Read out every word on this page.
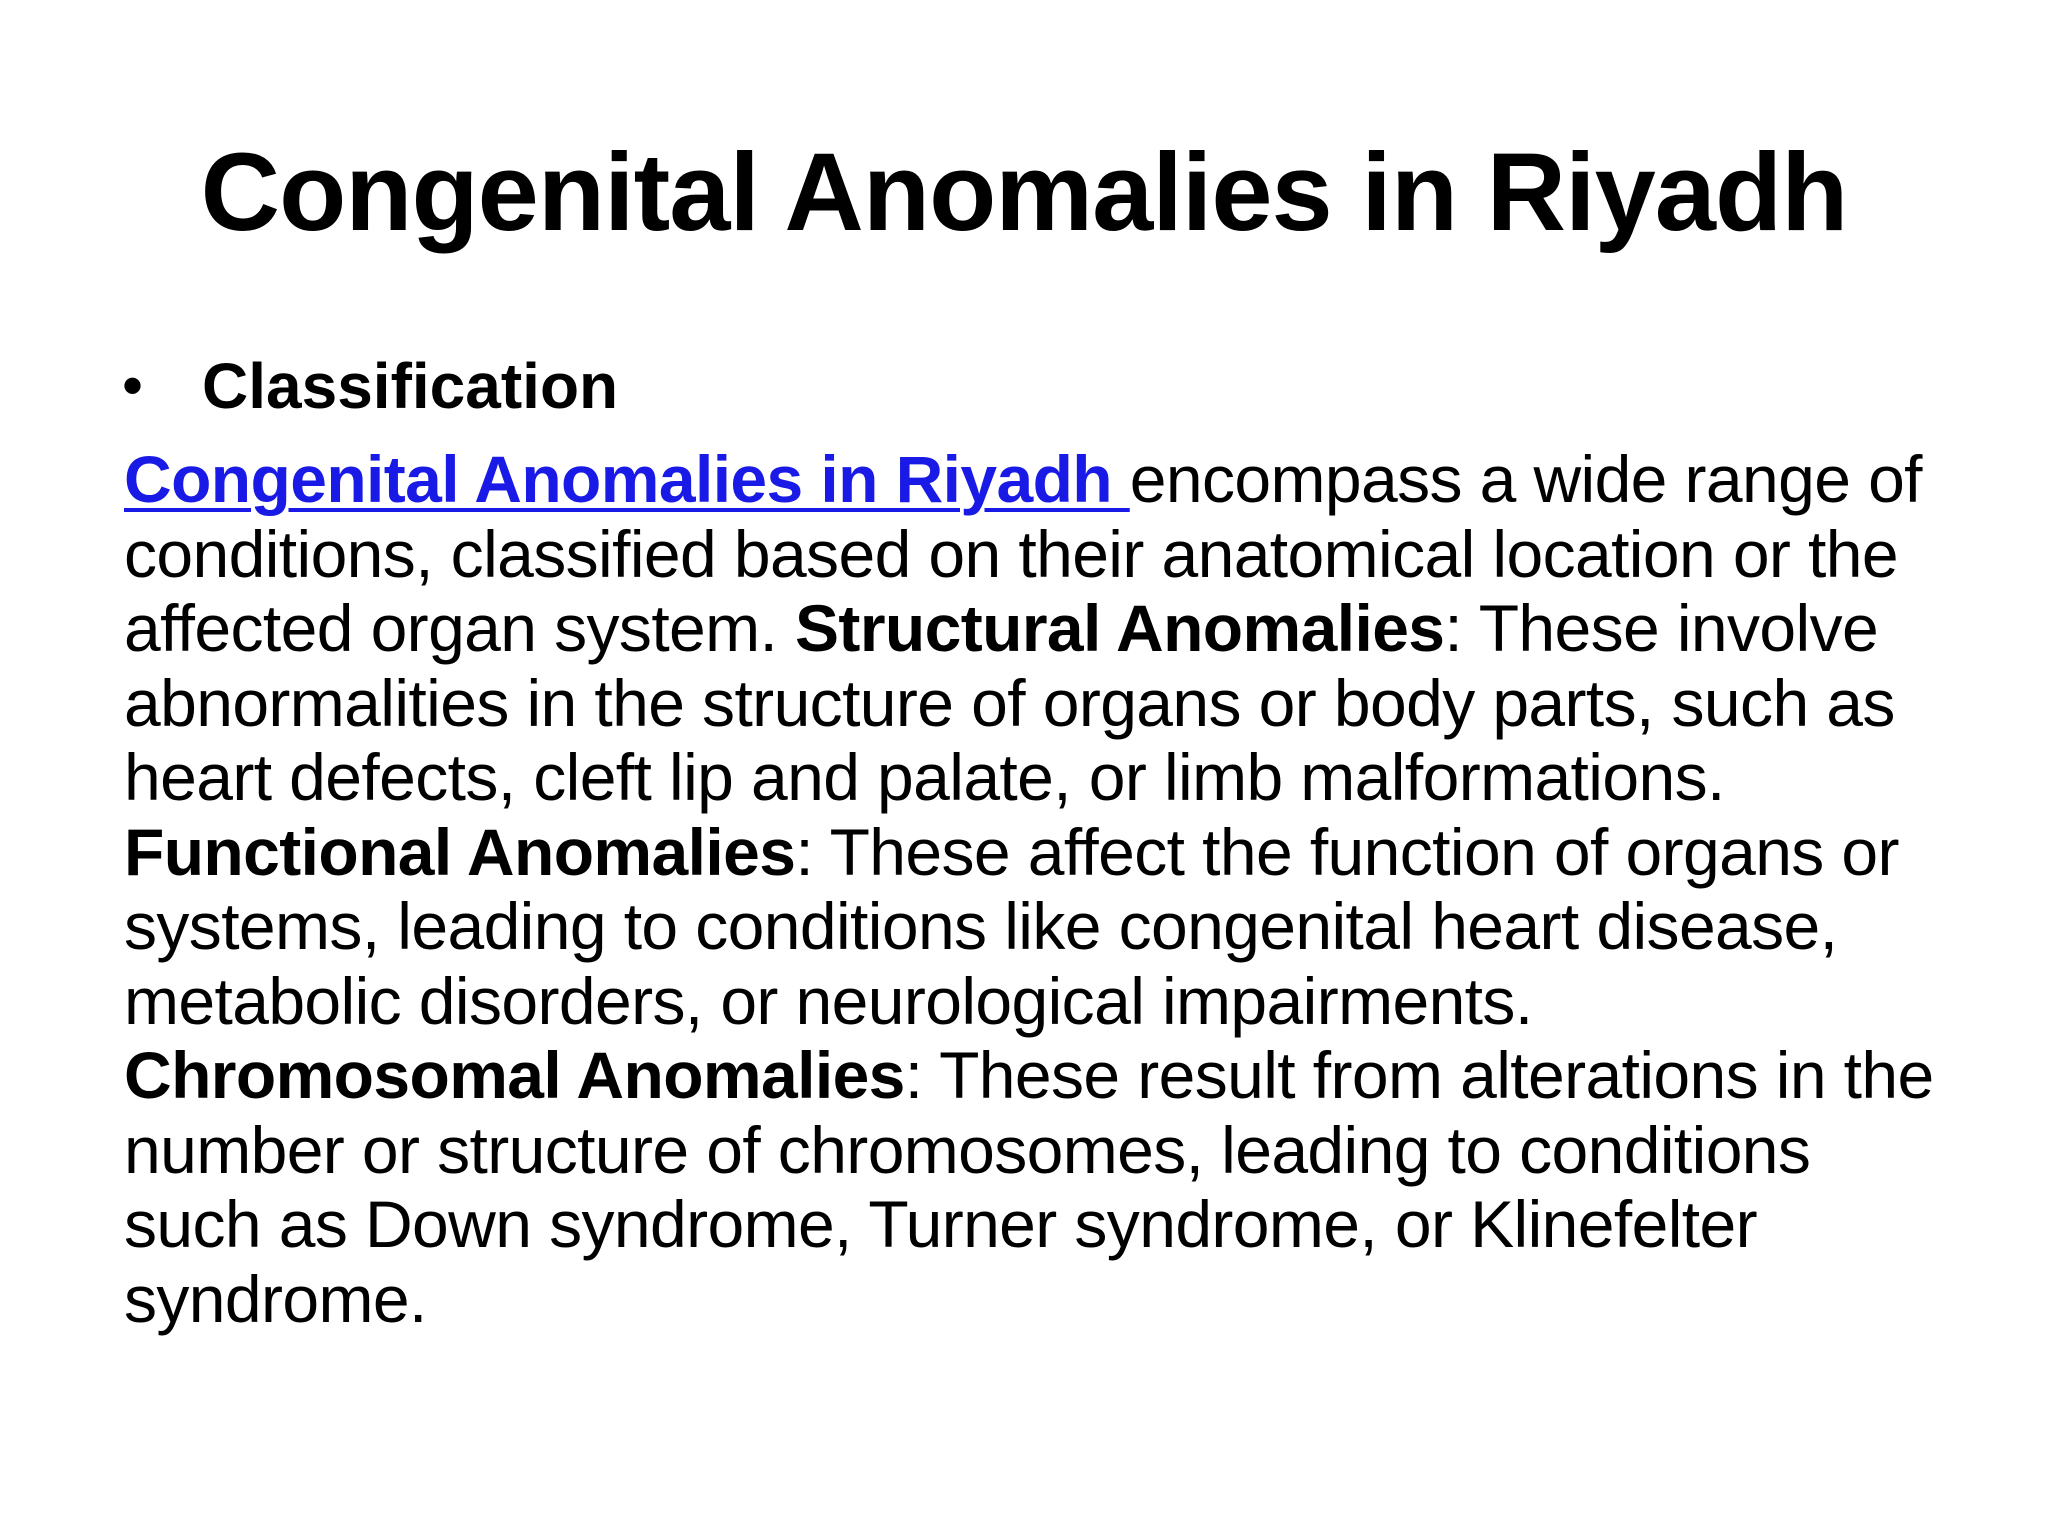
Congenital Anomalies in Riyadh
• Classification

Congenital Anomalies in Riyadh encompass a wide range of conditions, classified based on their anatomical location or the affected organ system. Structural Anomalies: These involve abnormalities in the structure of organs or body parts, such as heart defects, cleft lip and palate, or limb malformations. Functional Anomalies: These affect the function of organs or systems, leading to conditions like congenital heart disease, metabolic disorders, or neurological impairments. Chromosomal Anomalies: These result from alterations in the number or structure of chromosomes, leading to conditions such as Down syndrome, Turner syndrome, or Klinefelter syndrome.
